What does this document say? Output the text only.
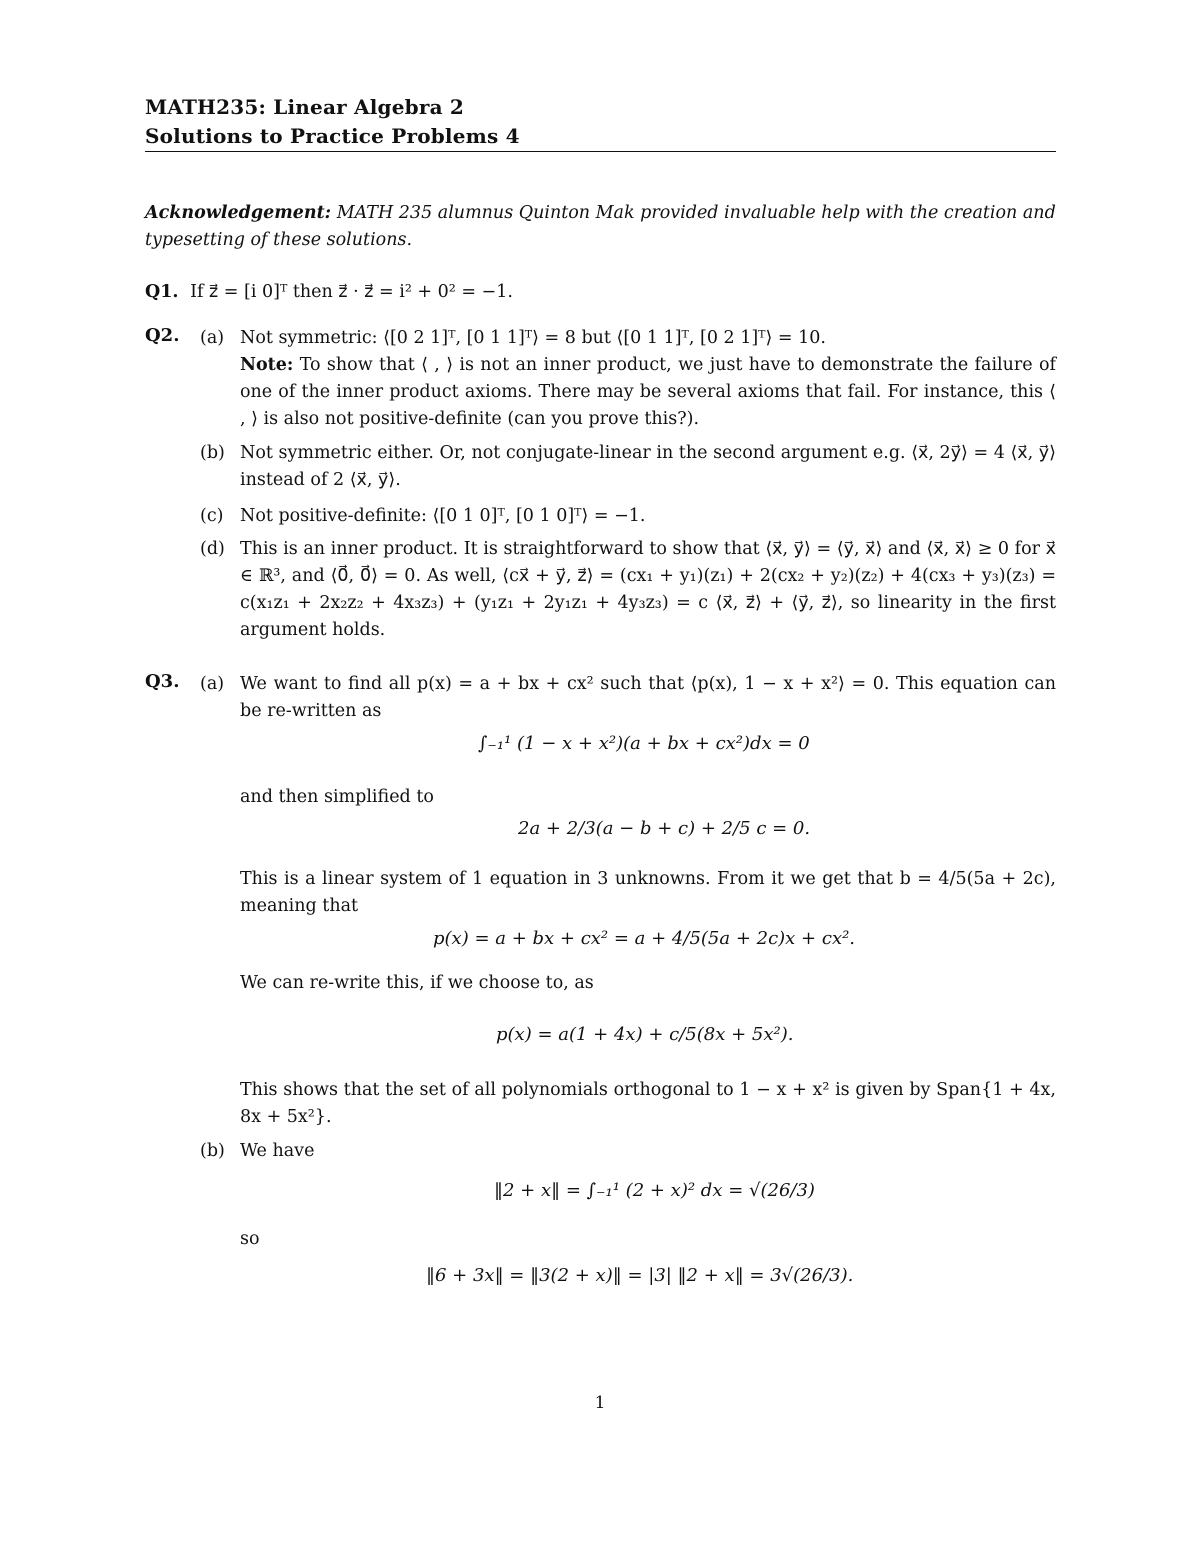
MATH235: Linear Algebra 2
Solutions to Practice Problems 4
Acknowledgement: MATH 235 alumnus Quinton Mak provided invaluable help with the creation and typesetting of these solutions.
Q1. If z⃗ = [i 0]ᵀ then z⃗ · z⃗ = i² + 0² = −1.
Q2. (a) Not symmetric: ⟨[0 2 1]ᵀ, [0 1 1]ᵀ⟩ = 8 but ⟨[0 1 1]ᵀ, [0 2 1]ᵀ⟩ = 10.
Note: To show that ⟨ , ⟩ is not an inner product, we just have to demonstrate the failure of one of the inner product axioms. There may be several axioms that fail. For instance, this ⟨ , ⟩ is also not positive-definite (can you prove this?).
(b) Not symmetric either. Or, not conjugate-linear in the second argument e.g. ⟨x⃗, 2y⃗⟩ = 4 ⟨x⃗, y⃗⟩ instead of 2 ⟨x⃗, y⃗⟩.
(c) Not positive-definite: ⟨[0 1 0]ᵀ, [0 1 0]ᵀ⟩ = −1.
(d) This is an inner product. It is straightforward to show that ⟨x⃗, y⃗⟩ = ⟨y⃗, x⃗⟩ and ⟨x⃗, x⃗⟩ ≥ 0 for x⃗ ∈ ℝ³, and ⟨0⃗, 0⃗⟩ = 0. As well, ⟨cx⃗ + y⃗, z⃗⟩ = (cx₁ + y₁)(z₁) + 2(cx₂ + y₂)(z₂) + 4(cx₃ + y₃)(z₃) = c(x₁z₁ + 2x₂z₂ + 4x₃z₃) + (y₁z₁ + 2y₁z₁ + 4y₃z₃) = c ⟨x⃗, z⃗⟩ + ⟨y⃗, z⃗⟩, so linearity in the first argument holds.
Q3. (a) We want to find all p(x) = a + bx + cx² such that ⟨p(x), 1 − x + x²⟩ = 0. This equation can be re-written as
∫₋₁¹ (1 − x + x²)(a + bx + cx²)dx = 0
and then simplified to
2a + 2/3(a − b + c) + 2/5 c = 0.
This is a linear system of 1 equation in 3 unknowns. From it we get that b = 4/5(5a + 2c), meaning that
p(x) = a + bx + cx² = a + 4/5(5a + 2c)x + cx².
We can re-write this, if we choose to, as
p(x) = a(1 + 4x) + c/5(8x + 5x²).
This shows that the set of all polynomials orthogonal to 1 − x + x² is given by Span{1 + 4x, 8x + 5x²}.
(b) We have
‖2 + x‖ = ∫₋₁¹ (2 + x)² dx = √(26/3)
so
‖6 + 3x‖ = ‖3(2 + x)‖ = |3| ‖2 + x‖ = 3√(26/3).
1
